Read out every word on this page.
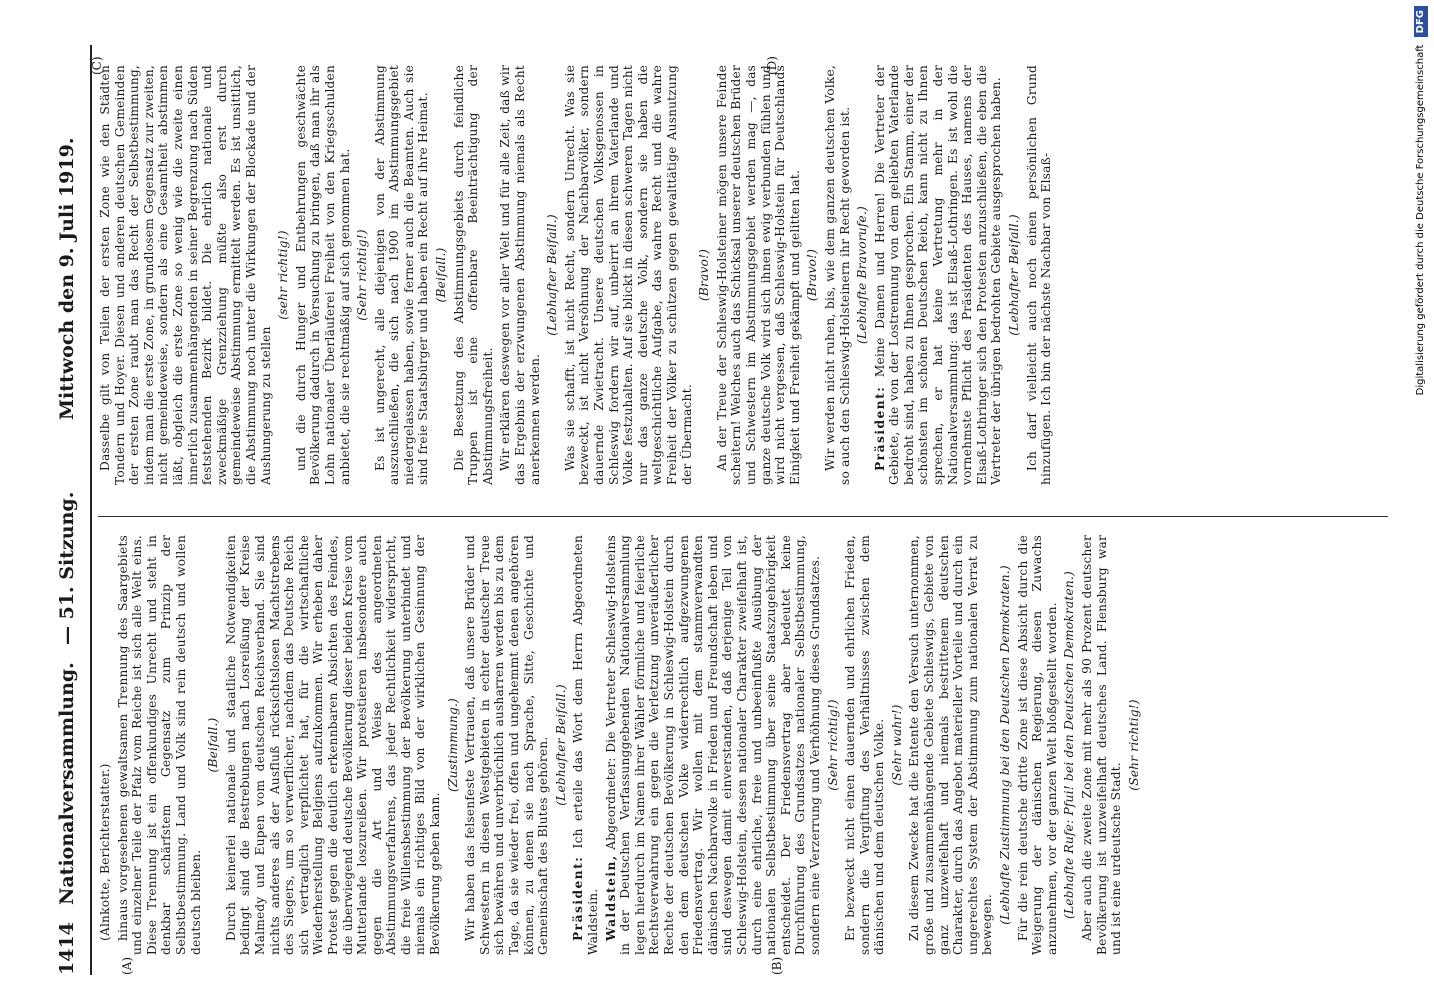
1414
Nationalversammlung.
— 51. Sitzung.
Mittwoch den 9. Juli 1919.
(A)	(B)
(C)	(D)
(Alnkotte, Berichterstatter.) hinaus vorgesehenen gewaltsamen Trennung des Saargebiets und einzelner Teile der Pfalz vom Reiche ist sich alle Welt eins. Diese Trennung ist ein offenkundiges Unrecht und steht in denkbar schärfstem Gegensatz zum Prinzip der Selbstbestimmung. Land und Volk sind rein deutsch und wollen deutsch bleiben.
(Beifall.) Durch keinerlei nationale und staatliche Notwendigkeiten bedingt sind die Bestrebungen nach Losreißung der Kreise Malmedy und Eupen vom deutschen Reichsverband. Sie sind nichts anderes als der Ausfluß rücksichtslosen Machtstrebens des Siegers, um so verwerflicher, nachdem das Deutsche Reich sich vertraglich verpflichtet hat, für die wirtschaftliche Wiederherstellung Belgiens aufzukommen. Wir erheben daher Protest gegen die deutlich erkennbaren Absichten des Feindes, die überwiegend deutsche Bevölkerung dieser beiden Kreise vom Mutterlande loszureißen. Wir protestieren insbesondere auch gegen die Art und Weise des angeordneten Abstimmungsverfahrens, das jeder Rechtlichkeit widerspricht, die freie Willensbestimmung der Bevölkerung unterbindet und niemals ein richtiges Bild von der wirklichen Gesinnung der Bevölkerung geben kann.
(Zustimmung.) Wir haben das felsenfeste Vertrauen, daß unsere Brüder und Schwestern in diesen Westgebieten in echter deutscher Treue sich bewähren und unverbrüchlich ausharren werden bis zu dem Tage, da sie wieder frei, offen und ungehemmt denen angehören können, zu denen sie nach Sprache, Sitte, Geschichte und Gemeinschaft des Blutes gehören. (Lebhafter Beifall.)
Präsident: Ich erteile das Wort dem Herrn Abgeordneten Waldstein. Waldstein, Abgeordneter: Die Vertreter Schleswig-Holsteins in der Deutschen Verfassunggebenden Nationalversammlung legen hierdurch im Namen ihrer Wähler förmliche und feierliche Rechtsverwahrung ein gegen die Verletzung unveräußerlicher Rechte der deutschen Bevölkerung in Schleswig-Holstein durch den dem deutschen Volke widerrechtlich aufgezwungenen Friedensvertrag. Wir wollen mit dem stammverwandten dänischen Nachbarvolke in Frieden und Freundschaft leben und sind deswegen damit einverstanden, daß derjenige Teil von Schleswig-Holstein, dessen nationaler Charakter zweifelhaft ist, durch eine ehrliche, freie und unbeeinflußte Ausübung der nationalen Selbstbestimmung über seine Staatszugehörigkeit entscheidet. Der Friedensvertrag aber bedeutet keine Durchführung des Grundsatzes nationaler Selbstbestimmung, sondern eine Verzerrung und Verhöhnung dieses Grundsatzes. (Sehr richtig!) Er bezweckt nicht einen dauernden und ehrlichen Frieden, sondern die Vergiftung des Verhältnisses zwischen dem dänischen und dem deutschen Volke. (Sehr wahr!) Zu diesem Zwecke hat die Entente den Versuch unternommen, große und zusammenhängende Gebiete Schleswigs, Gebiete von ganz unzweifelhaft und niemals bestrittenem deutschen Charakter, durch das Angebot materieller Vorteile und durch ein ungerechtes System der Abstimmung zum nationalen Verrat zu bewegen. (Lebhafte Zustimmung bei den Deutschen Demokraten.) Für die rein deutsche dritte Zone ist diese Absicht durch die Weigerung der dänischen Regierung, diesen Zuwachs anzunehmen, vor der ganzen Welt bloßgestellt worden. (Lebhafte Rufe: Pfui! bei den Deutschen Demokraten.) Aber auch die zweite Zone mit mehr als 90 Prozent deutscher Bevölkerung ist unzweifelhaft deutsches Land. Flensburg war und ist eine urdeutsche Stadt.
(Sehr richtig!)
Dasselbe gilt von Teilen der ersten Zone wie den Städten Tondern und Hoyer. Diesen und anderen deutschen Gemeinden der ersten Zone raubt man das Recht der Selbstbestimmung, indem man die erste Zone, in grundlosem Gegensatz zur zweiten, nicht gemeindeweise, sondern als eine Gesamtheit abstimmen läßt, obgleich die erste Zone so wenig wie die zweite einen innerlich zusammenhängenden in seiner Begrenzung nach Süden feststehenden Bezirk bildet. Die ehrlich nationale und zweckmäßige Grenzziehung müßte also erst durch gemeindeweise Abstimmung ermittelt werden. Es ist unsittlich, die Abstimmung noch unter die Wirkungen der Blockade und der Aushungerung zu stellen
(sehr richtig!) und die durch Hunger und Entbehrungen geschwächte Bevölkerung dadurch in Versuchung zu bringen, daß man ihr als Lohn nationaler Überläuferei Freiheit von den Kriegsschulden anbietet, die sie rechtmäßig auf sich genommen hat. (Sehr richtig!) Es ist ungerecht, alle diejenigen von der Abstimmung auszuschließen, die sich nach 1900 im Abstimmungsgebiet niedergelassen haben, sowie ferner auch die Beamten. Auch sie sind freie Staatsbürger und haben ein Recht auf ihre Heimat. (Beifall.) Die Besetzung des Abstimmungsgebiets durch feindliche Truppen ist eine offenbare Beeinträchtigung der Abstimmungsfreiheit. Wir erklären deswegen vor aller Welt und für alle Zeit, daß wir das Ergebnis der erzwungenen Abstimmung niemals als Recht anerkennen werden.
(Lebhafter Beifall.) Was sie schafft, ist nicht Recht, sondern Unrecht. Was sie bezweckt, ist nicht Versöhnung der Nachbarvölker, sondern dauernde Zwietracht. Unsere deutschen Volksgenossen in Schleswig fordern wir auf, unbeirrt an ihrem Vaterlande und Volke festzuhalten. Auf sie blickt in diesen schweren Tagen nicht nur das ganze deutsche Volk, sondern sie haben die weltgeschichtliche Aufgabe, das wahre Recht und die wahre Freiheit der Völker zu schützen gegen gewalttätige Ausnutzung der Übermacht.
(Bravo!) An der Treue der Schleswig-Holsteiner mögen unsere Feinde scheitern! Welches auch das Schicksal unserer deutschen Brüder und Schwestern im Abstimmungsgebiet werden mag —, das ganze deutsche Volk wird sich ihnen ewig verbunden fühlen und wird nicht vergessen, daß Schleswig-Holstein für Deutschlands Einigkeit und Freiheit gekämpft und gelitten hat. (Bravo!) Wir werden nicht ruhen, bis, wie dem ganzen deutschen Volke, so auch den Schleswig-Holsteinern ihr Recht geworden ist. (Lebhafte Bravorufe.)
Präsident: Meine Damen und Herren! Die Vertreter der Gebiete, die von der Lostrennung von dem geliebten Vaterlande bedroht sind, haben zu Ihnen gesprochen. Ein Stamm, einer der schönsten im schönen Deutschen Reich, kann nicht zu Ihnen sprechen, er hat keine Vertretung mehr in der Nationalversammlung: das ist Elsaß-Lothringen. Es ist wohl die vornehmste Pflicht des Präsidenten des Hauses, namens der Elsaß-Lothringer sich den Protesten anzuschließen, die eben die Vertreter der übrigen bedrohten Gebiete ausgesprochen haben. (Lebhafter Beifall.) Ich darf vielleicht auch noch einen persönlichen Grund hinzufügen. Ich bin der nächste Nachbar von Elsaß-	Digitalisierung gefördert durch die Deutsche Forschungsgemeinschaft DFG
